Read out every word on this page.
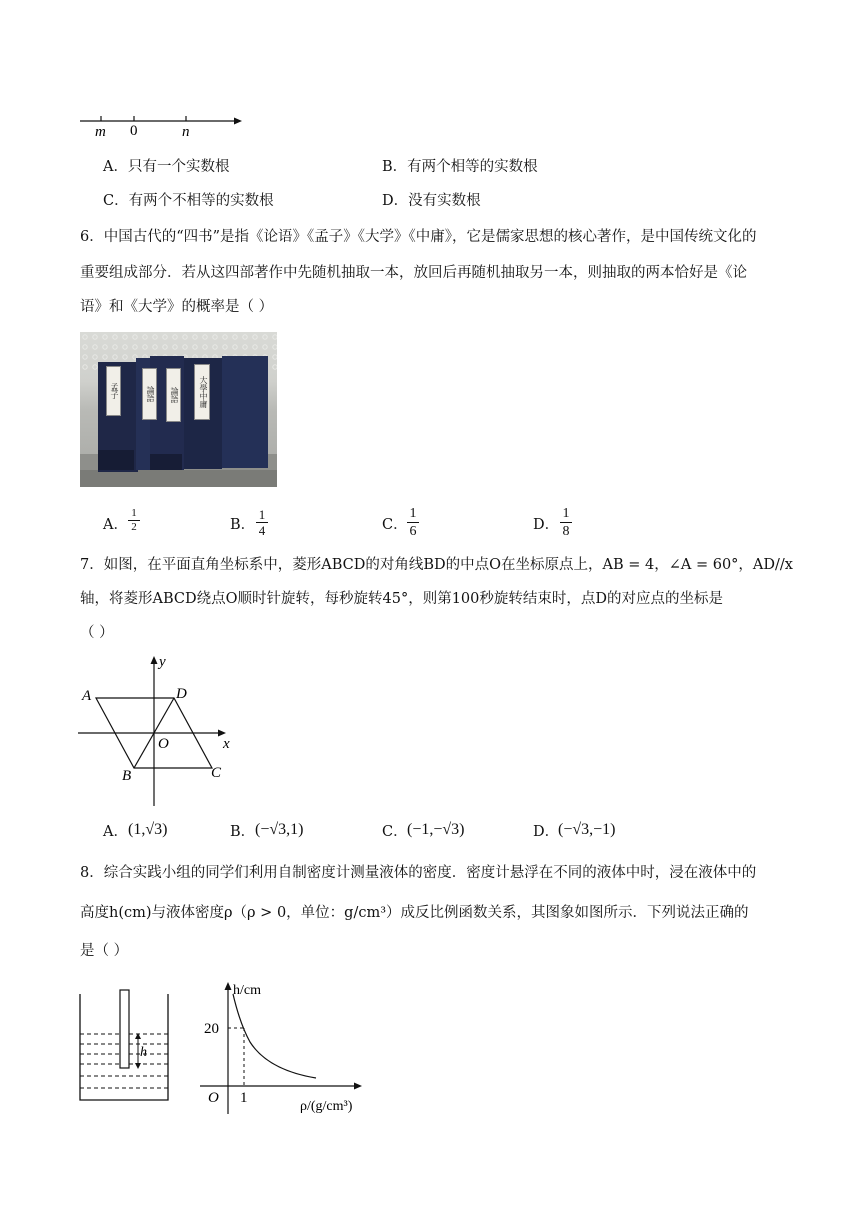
m 0	n
A．只有一个实数根	B．有两个相等的实数根
C．有两个不相等的实数根	D．没有实数根
6．中国古代的“四书”是指《论语》《孟子》《大学》《中庸》，它是儒家思想的核心著作，是中国传统文化的
重要组成部分．若从这四部著作中先随机抽取一本，放回后再随机抽取另一本，则抽取的两本恰好是《论
语》和《大学》的概率是（ ）
孟子	論語	論語	大學中庸
A． $\frac{1}{2}$	B． $\frac{1}{4}$	C． $\frac{1}{6}$	D． $\frac{1}{8}$
7．如图，在平面直角坐标系中，菱形ABCD的对角线BD的中点O在坐标原点上，AB = 4，∠A = 60°，AD//x
轴，将菱形ABCD绕点O顺时针旋转，每秒旋转45°，则第100秒旋转结束时，点D的对应点的坐标是
（ ）
A	D
C
B
O	x
y
A． (1,√3)	B． (−√3,1)	C． (−1,−√3)	D．
(−√3,−1)
8．综合实践小组的同学们利用自制密度计测量液体的密度．密度计悬浮在不同的液体中时，浸在液体中的
高度h(cm)与液体密度ρ（ρ > 0，单位：g/cm³）成反比例函数关系，其图象如图所示．下列说法正确的
是（ ）
h
h/cm
20
O 1
ρ/(g/cm³)
